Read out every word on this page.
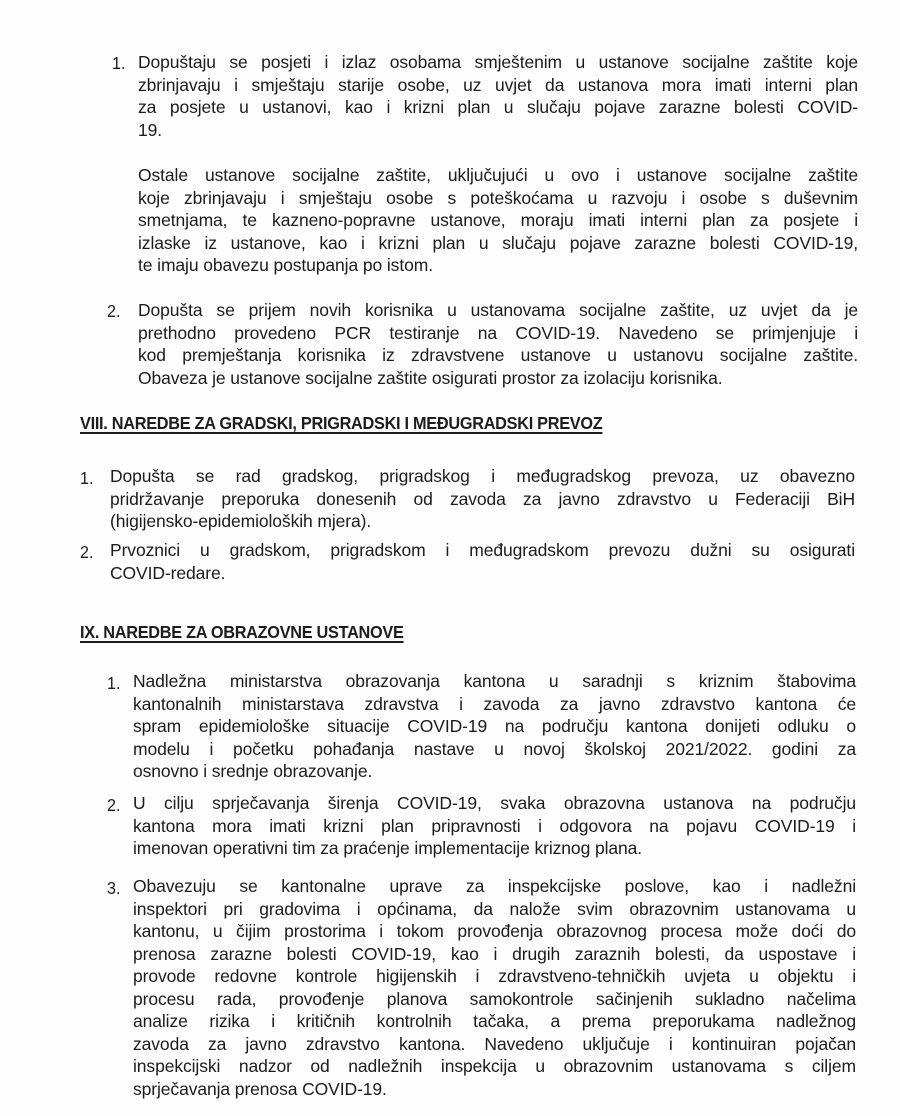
1. Dopuštaju se posjeti i izlaz osobama smještenim u ustanove socijalne zaštite koje
zbrinjavaju i smještaju starije osobe, uz uvjet da ustanova mora imati interni plan
za posjete u ustanovi, kao i krizni plan u slučaju pojave zarazne bolesti COVID-
19.
Ostale ustanove socijalne zaštite, uključujući u ovo i ustanove socijalne zaštite
koje zbrinjavaju i smještaju osobe s poteškoćama u razvoju i osobe s duševnim
smetnjama, te kazneno-popravne ustanove, moraju imati interni plan za posjete i
izlaske iz ustanove, kao i krizni plan u slučaju pojave zarazne bolesti COVID-19,
te imaju obavezu postupanja po istom.
2. Dopušta se prijem novih korisnika u ustanovama socijalne zaštite, uz uvjet da je
prethodno provedeno PCR testiranje na COVID-19. Navedeno se primjenjuje i
kod premještanja korisnika iz zdravstvene ustanove u ustanovu socijalne zaštite.
Obaveza je ustanove socijalne zaštite osigurati prostor za izolaciju korisnika.
VIII. NAREDBE ZA GRADSKI, PRIGRADSKI I MEĐUGRADSKI PREVOZ
1. Dopušta se rad gradskog, prigradskog i međugradskog prevoza, uz obavezno
pridržavanje preporuka donesenih od zavoda za javno zdravstvo u Federaciji BiH
(higijensko-epidemioloških mjera).
2. Prvoznici u gradskom, prigradskom i međugradskom prevozu dužni su osigurati
COVID-redare.
IX. NAREDBE ZA OBRAZOVNE USTANOVE
1. Nadležna ministarstva obrazovanja kantona u saradnji s kriznim štabovima
kantonalnih ministarstava zdravstva i zavoda za javno zdravstvo kantona će
spram epidemiološke situacije COVID-19 na području kantona donijeti odluku o
modelu i početku pohađanja nastave u novoj školskoj 2021/2022. godini za
osnovno i srednje obrazovanje.
2. U cilju sprječavanja širenja COVID-19, svaka obrazovna ustanova na području
kantona mora imati krizni plan pripravnosti i odgovora na pojavu COVID-19 i
imenovan operativni tim za praćenje implementacije kriznog plana.
3. Obavezuju se kantonalne uprave za inspekcijske poslove, kao i nadležni
inspektori pri gradovima i općinama, da nalože svim obrazovnim ustanovama u
kantonu, u čijim prostorima i tokom provođenja obrazovnog procesa može doći do
prenosa zarazne bolesti COVID-19, kao i drugih zaraznih bolesti, da uspostave i
provode redovne kontrole higijenskih i zdravstveno-tehničkih uvjeta u objektu i
procesu rada, provođenje planova samokontrole sačinjenih sukladno načelima
analize rizika i kritičnih kontrolnih tačaka, a prema preporukama nadležnog
zavoda za javno zdravstvo kantona. Navedeno uključuje i kontinuiran pojačan
inspekcijski nadzor od nadležnih inspekcija u obrazovnim ustanovama s ciljem
sprječavanja prenosa COVID-19.
